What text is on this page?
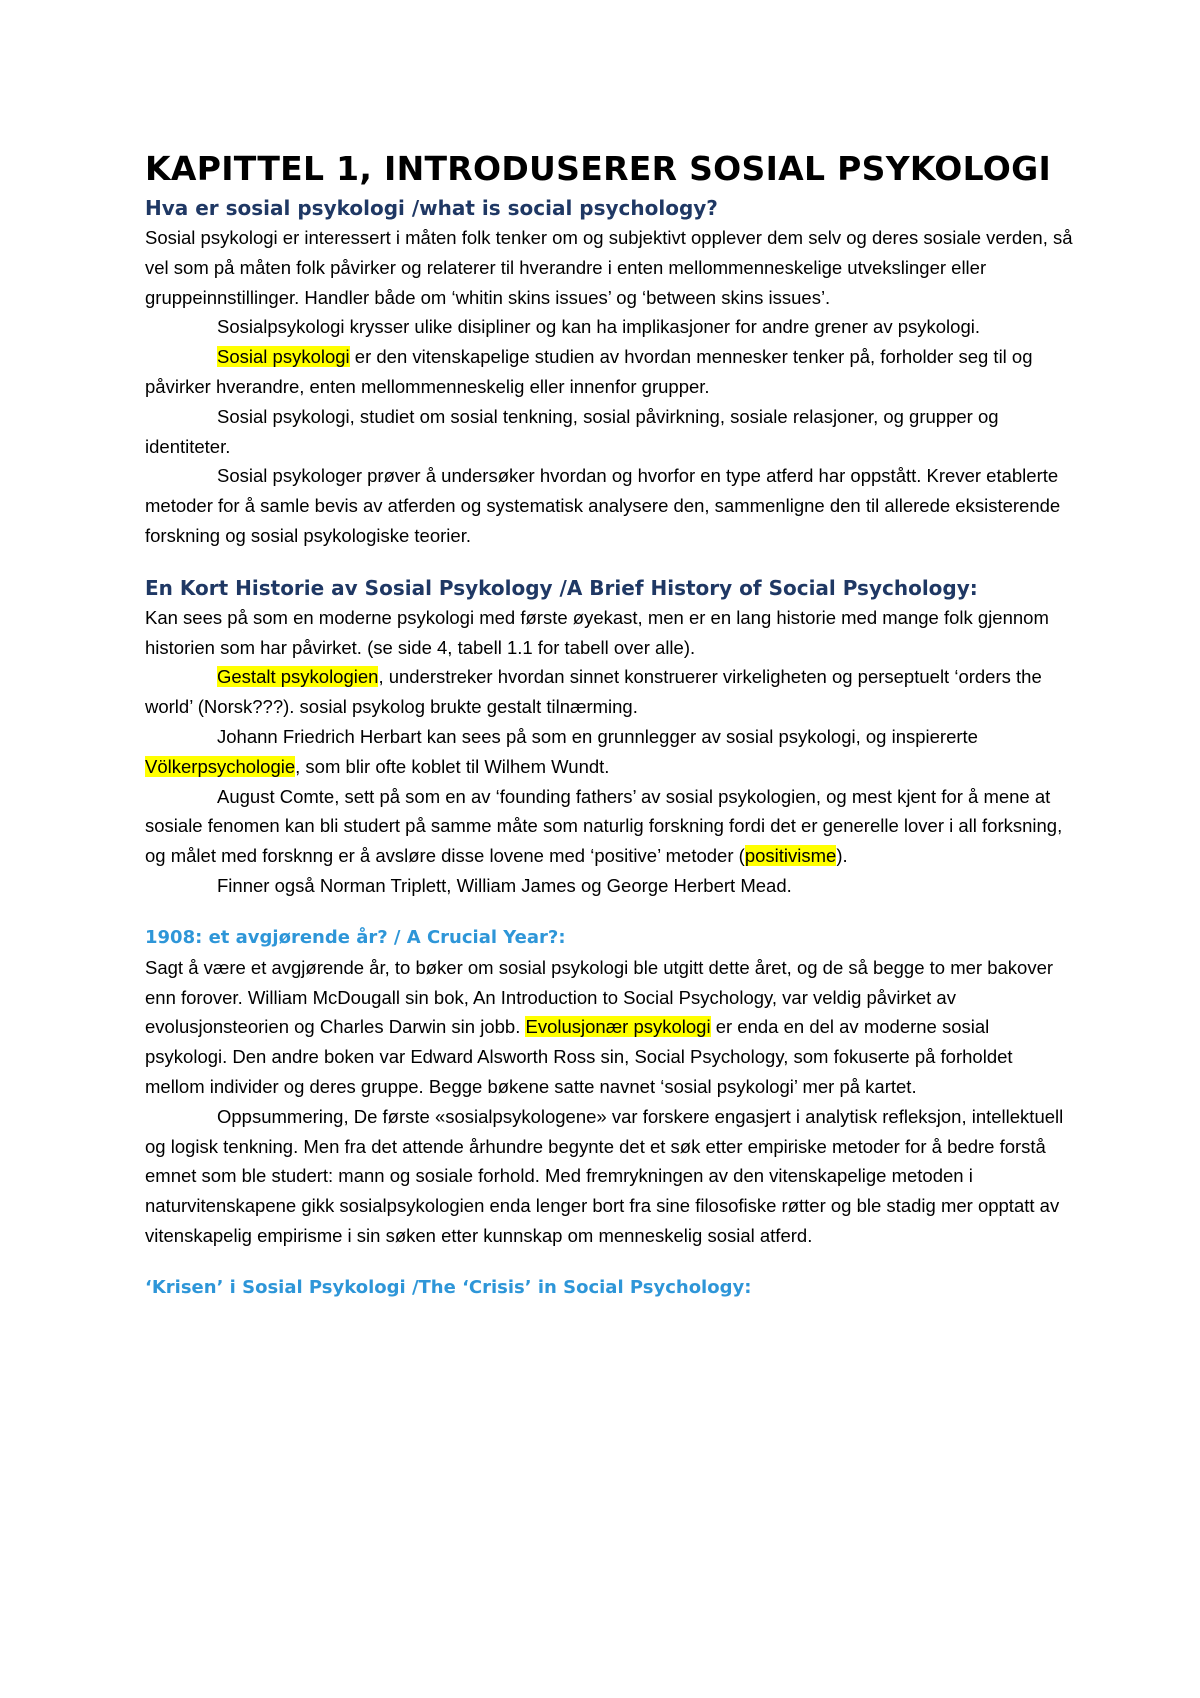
KAPITTEL 1, INTRODUSERER SOSIAL PSYKOLOGI
Hva er sosial psykologi /what is social psychology?

Sosial psykologi er interessert i måten folk tenker om og subjektivt opplever dem selv og deres sosiale verden, så vel som på måten folk påvirker og relaterer til hverandre i enten mellommenneskelige utvekslinger eller gruppeinnstillinger. Handler både om ‘whitin skins issues’ og ‘between skins issues’.

Sosialpsykologi krysser ulike disipliner og kan ha implikasjoner for andre grener av psykologi.

Sosial psykologi er den vitenskapelige studien av hvordan mennesker tenker på, forholder seg til og påvirker hverandre, enten mellommenneskelig eller innenfor grupper.

Sosial psykologi, studiet om sosial tenkning, sosial påvirkning, sosiale relasjoner, og grupper og identiteter.

Sosial psykologer prøver å undersøker hvordan og hvorfor en type atferd har oppstått. Krever etablerte metoder for å samle bevis av atferden og systematisk analysere den, sammenligne den til allerede eksisterende forskning og sosial psykologiske teorier.

En Kort Historie av Sosial Psykology /A Brief History of Social Psychology:

Kan sees på som en moderne psykologi med første øyekast, men er en lang historie med mange folk gjennom historien som har påvirket. (se side 4, tabell 1.1 for tabell over alle).

Gestalt psykologien, understreker hvordan sinnet konstruerer virkeligheten og perseptuelt ‘orders the world’ (Norsk???). sosial psykolog brukte gestalt tilnærming.

Johann Friedrich Herbart kan sees på som en grunnlegger av sosial psykologi, og inspiererte Völkerpsychologie, som blir ofte koblet til Wilhem Wundt.

August Comte, sett på som en av ‘founding fathers’ av sosial psykologien, og mest kjent for å mene at sosiale fenomen kan bli studert på samme måte som naturlig forskning fordi det er generelle lover i all forksning, og målet med forsknng er å avsløre disse lovene med ‘positive’ metoder (positivisme).

Finner også Norman Triplett, William James og George Herbert Mead.

1908: et avgjørende år? / A Crucial Year?:

Sagt å være et avgjørende år, to bøker om sosial psykologi ble utgitt dette året, og de så begge to mer bakover enn forover. William McDougall sin bok, An Introduction to Social Psychology, var veldig påvirket av evolusjonsteorien og Charles Darwin sin jobb. Evolusjonær psykologi er enda en del av moderne sosial psykologi. Den andre boken var Edward Alsworth Ross sin, Social Psychology, som fokuserte på forholdet mellom individer og deres gruppe. Begge bøkene satte navnet ‘sosial psykologi’ mer på kartet.

Oppsummering, De første «sosialpsykologene» var forskere engasjert i analytisk refleksjon, intellektuell og logisk tenkning. Men fra det attende århundre begynte det et søk etter empiriske metoder for å bedre forstå emnet som ble studert: mann og sosiale forhold. Med fremrykningen av den vitenskapelige metoden i naturvitenskapene gikk sosialpsykologien enda lenger bort fra sine filosofiske røtter og ble stadig mer opptatt av vitenskapelig empirisme i sin søken etter kunnskap om menneskelig sosial atferd.

‘Krisen’ i Sosial Psykologi /The ‘Crisis’ in Social Psychology:
